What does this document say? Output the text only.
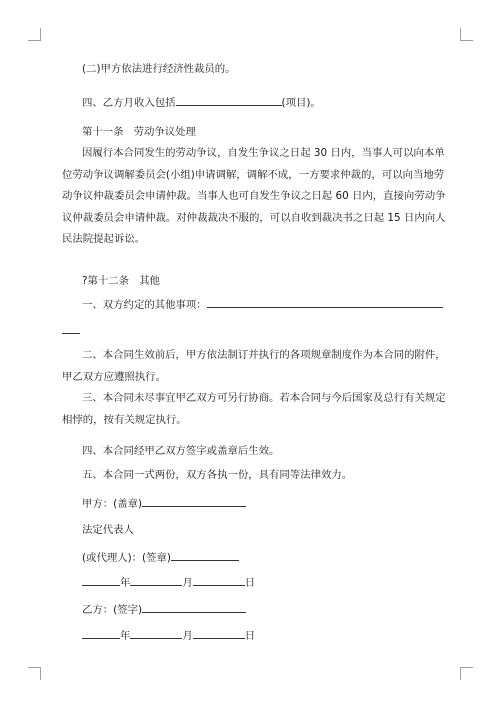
(二)甲方依法进行经济性裁员的。
四、乙方月收入包括	(项目)。
第十一条 劳动争议处理
因履行本合同发生的劳动争议，自发生争议之日起 30 日内，当事人可以向本单
位劳动争议调解委员会(小组)申请调解，调解不成，一方要求仲裁的，可以向当地劳
动争议仲裁委员会申请仲裁。当事人也可自发生争议之日起 60 日内，直接向劳动争
议仲裁委员会申请仲裁。对仲裁裁决不服的，可以自收到裁决书之日起 15 日内向人
民法院提起诉讼。
?第十二条 其他
一、双方约定的其他事项：
二、本合同生效前后，甲方依法制订并执行的各项规章制度作为本合同的附件，
甲乙双方应遵照执行。
三、本合同未尽事宜甲乙双方可另行协商。若本合同与今后国家及总行有关规定
相悖的，按有关规定执行。
四、本合同经甲乙双方签字或盖章后生效。
五、本合同一式两份，双方各执一份，具有同等法律效力。
甲方：(盖章)
法定代表人
(或代理人)：(签章)
年	月	日
乙方：(签字)
年	月	日
